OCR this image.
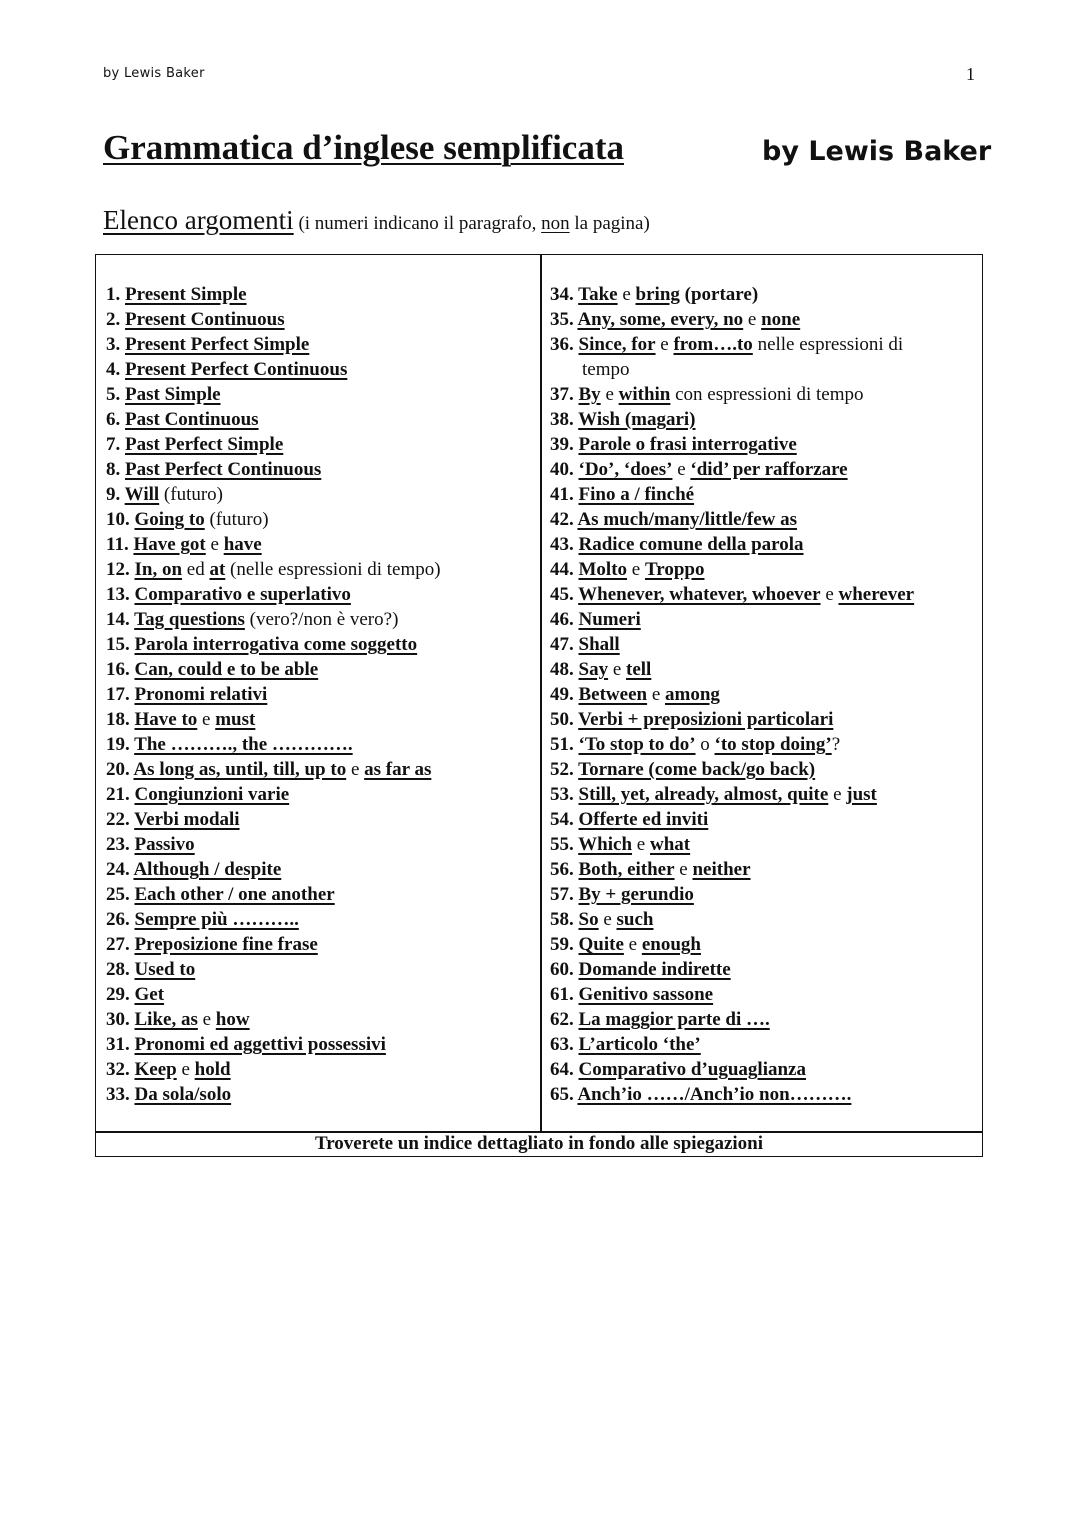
by Lewis Baker	1
Grammatica d’inglese semplificata	by Lewis Baker
Elenco argomenti (i numeri indicano il paragrafo, non la pagina)
1. Present Simple
2. Present Continuous
3. Present Perfect Simple
4. Present Perfect Continuous
5. Past Simple
6. Past Continuous
7. Past Perfect Simple
8. Past Perfect Continuous
9. Will (futuro)
10. Going to (futuro)
11. Have got e have
12. In, on ed at (nelle espressioni di tempo)
13. Comparativo e superlativo
14. Tag questions (vero?/non è vero?)
15. Parola interrogativa come soggetto
16. Can, could e to be able
17. Pronomi relativi
18. Have to e must
19. The ………., the ………….
20. As long as, until, till, up to e as far as
21. Congiunzioni varie
22. Verbi modali
23. Passivo
24. Although / despite
25. Each other / one another
26. Sempre più ………..
27. Preposizione fine frase
28. Used to
29. Get
30. Like, as e how
31. Pronomi ed aggettivi possessivi
32. Keep e hold
33. Da sola/solo
34. Take e bring (portare)
35. Any, some, every, no e none
36. Since, for e from….to nelle espressioni di
tempo
37. By e within con espressioni di tempo
38. Wish (magari)
39. Parole o frasi interrogative
40. ‘Do’, ‘does’ e ‘did’ per rafforzare
41. Fino a / finché
42. As much/many/little/few as
43. Radice comune della parola
44. Molto e Troppo
45. Whenever, whatever, whoever e wherever
46. Numeri
47. Shall
48. Say e tell
49. Between e among
50. Verbi + preposizioni particolari
51. ‘To stop to do’ o ‘to stop doing’?
52. Tornare (come back/go back)
53. Still, yet, already, almost, quite e just
54. Offerte ed inviti
55. Which e what
56. Both, either e neither
57. By + gerundio
58. So e such
59. Quite e enough
60. Domande indirette
61. Genitivo sassone
62. La maggior parte di ….
63. L’articolo ‘the’
64. Comparativo d’uguaglianza
65. Anch’io ……/Anch’io non……….
Troverete un indice dettagliato in fondo alle spiegazioni
